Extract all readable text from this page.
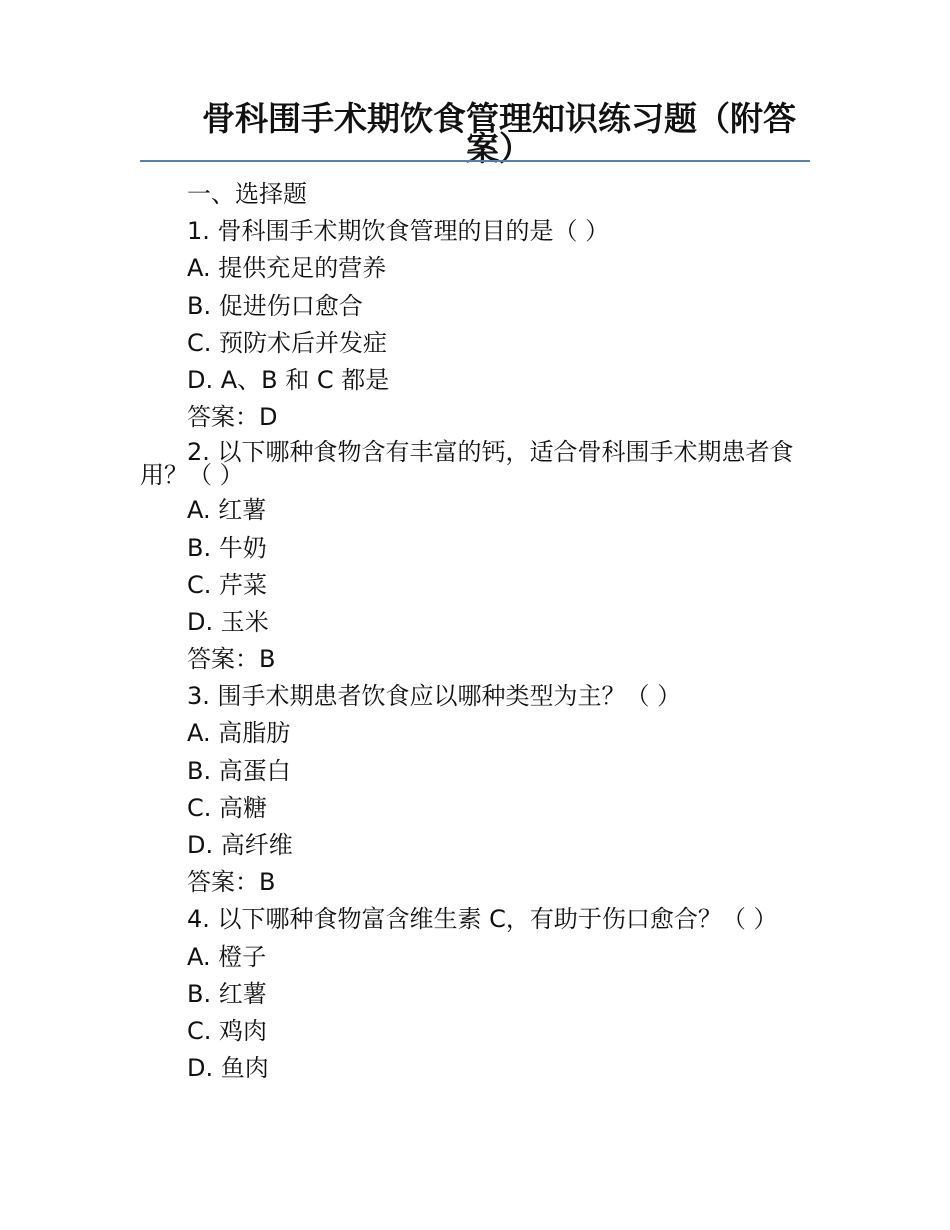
骨科围手术期饮食管理知识练习题（附答案）
一、选择题
1. 骨科围手术期饮食管理的目的是（ ）
A. 提供充足的营养
B. 促进伤口愈合
C. 预防术后并发症
D. A、B 和 C 都是
答案：D
2. 以下哪种食物含有丰富的钙，适合骨科围手术期患者食用？（ ）
A. 红薯
B. 牛奶
C. 芹菜
D. 玉米
答案：B
3. 围手术期患者饮食应以哪种类型为主？（ ）
A. 高脂肪
B. 高蛋白
C. 高糖
D. 高纤维
答案：B
4. 以下哪种食物富含维生素 C，有助于伤口愈合？（ ）
A. 橙子
B. 红薯
C. 鸡肉
D. 鱼肉
